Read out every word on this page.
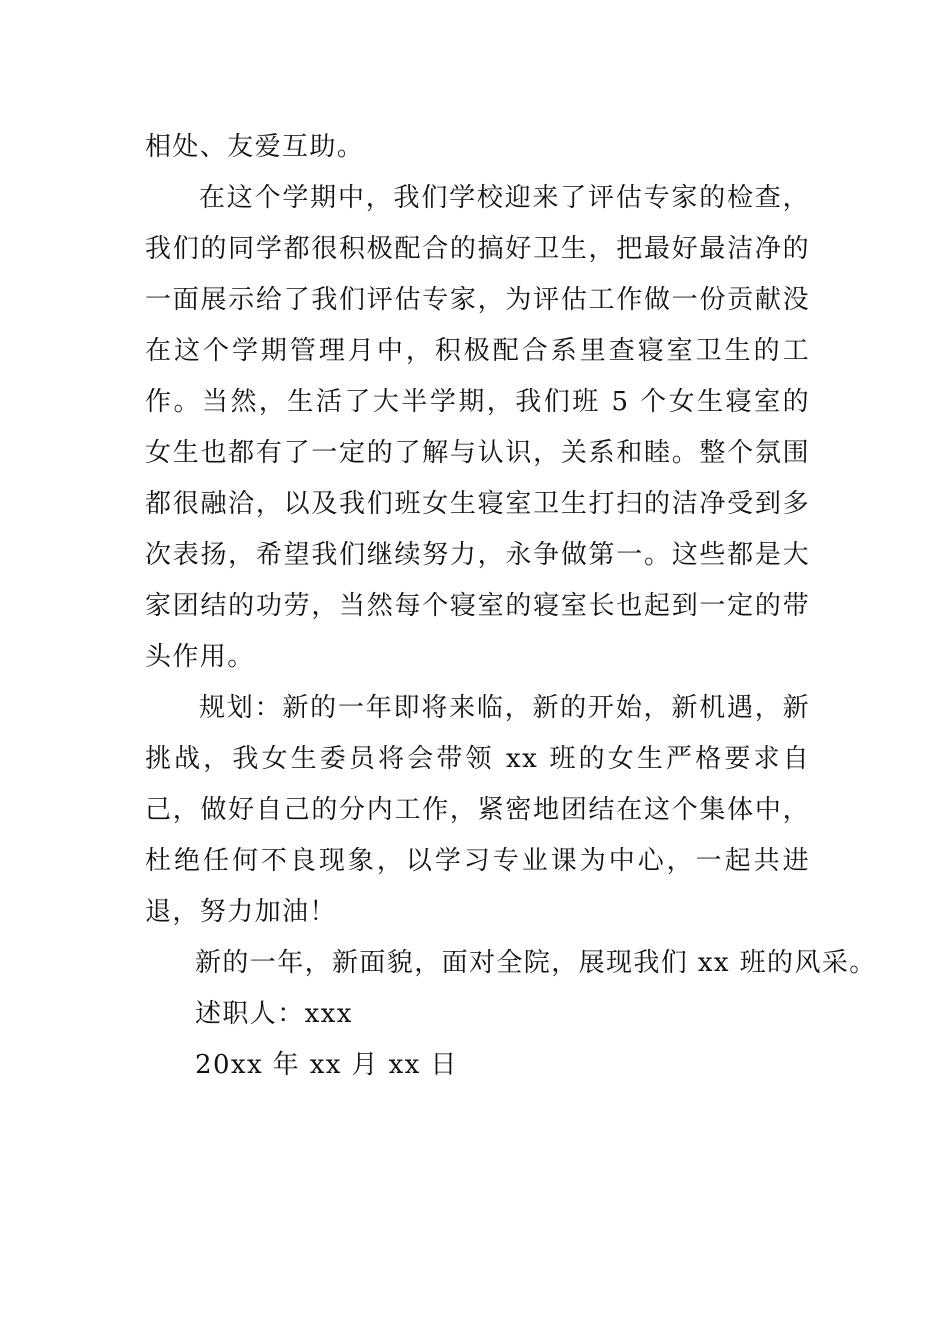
相处、友爱互助。

在这个学期中，我们学校迎来了评估专家的检查，我们的同学都很积极配合的搞好卫生，把最好最洁净的一面展示给了我们评估专家，为评估工作做一份贡献没在这个学期管理月中，积极配合系里查寝室卫生的工作。当然，生活了大半学期，我们班 5 个女生寝室的女生也都有了一定的了解与认识，关系和睦。整个氛围都很融洽，以及我们班女生寝室卫生打扫的洁净受到多次表扬，希望我们继续努力，永争做第一。这些都是大家团结的功劳，当然每个寝室的寝室长也起到一定的带头作用。

规划：新的一年即将来临，新的开始，新机遇，新挑战，我女生委员将会带领 xx 班的女生严格要求自己，做好自己的分内工作，紧密地团结在这个集体中，杜绝任何不良现象，以学习专业课为中心，一起共进退，努力加油！

新的一年，新面貌，面对全院，展现我们 xx 班的风采。

述职人：xxx

20xx 年 xx 月 xx 日
